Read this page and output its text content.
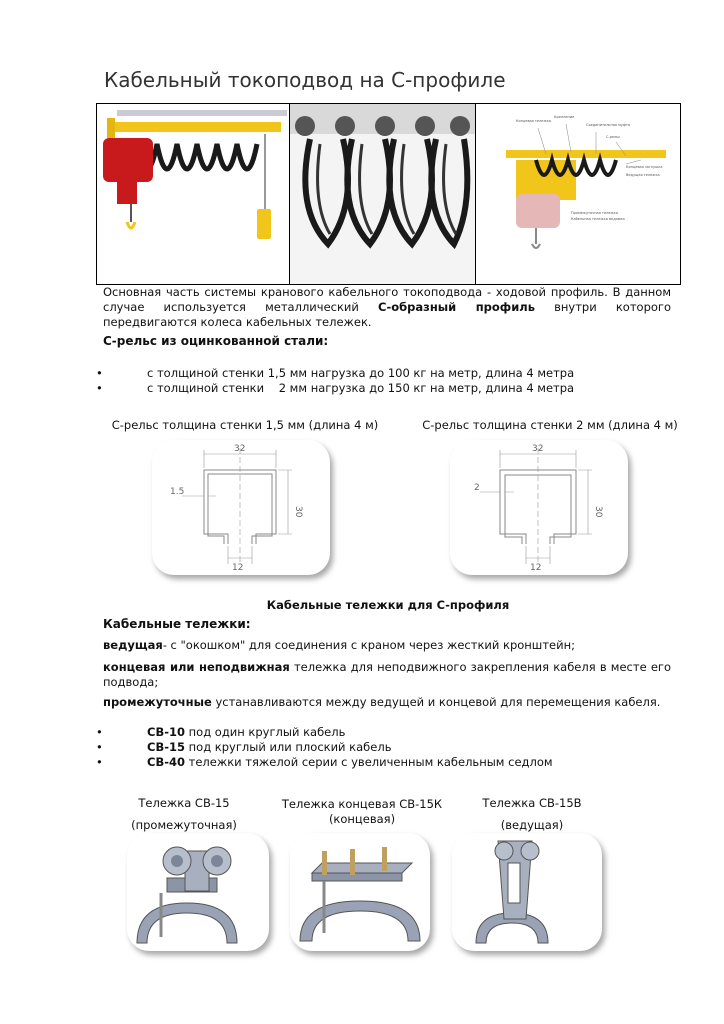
Кабельный токоподвод на С-профиле
Концевая тележка
Крепление
Соединительная муфта
С-рельс
Концевая заглушка
Ведущая тележка
Промежуточная тележка
Кабельная тележка ведомая
Основная часть системы кранового кабельного токоподвода - ходовой профиль. В данном случае используется металлический С-образный профиль внутри которого передвигаются колеса кабельных тележек.
С-рельс из оцинкованной стали:
•	с толщиной стенки 1,5 мм нагрузка до 100 кг на метр, длина 4 метра
•	с толщиной стенки    2 мм нагрузка до 150 кг на метр, длина 4 метра
С-рельс толщина стенки 1,5 мм (длина 4 м)	С-рельс толщина стенки 2 мм (длина 4 м)
32
30
12
1.5
32
30
12
2
Кабельные тележки для С-профиля
Кабельные тележки:
ведущая- с "окошком" для соединения с краном через жесткий кронштейн;
концевая или неподвижная тележка для неподвижного закрепления кабеля в месте его подвода;
промежуточные устанавливаются между ведущей и концевой для перемещения кабеля.
•	СВ-10 под один круглый кабель
•	СВ-15 под круглый или плоский кабель
•	СВ-40 тележки тяжелой серии с увеличенным кабельным седлом
Тележка СВ-15
(промежуточная)
Тележка концевая СВ-15К
(концевая)
Тележка СВ-15В
(ведущая)
